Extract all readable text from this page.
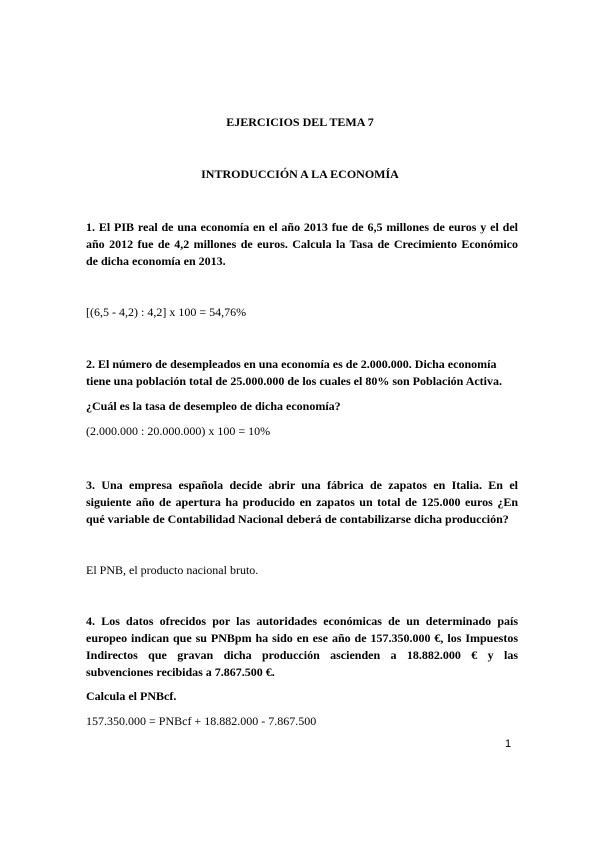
EJERCICIOS DEL TEMA 7
INTRODUCCIÓN A LA ECONOMÍA
1. El PIB real de una economía en el año 2013 fue de 6,5 millones de euros y el del
año 2012 fue de 4,2 millones de euros. Calcula la Tasa de Crecimiento Económico
de dicha economía en 2013.
[(6,5 - 4,2) : 4,2] x 100 = 54,76%
2. El número de desempleados en una economía es de 2.000.000. Dicha economía
tiene una población total de 25.000.000 de los cuales el 80% son Población Activa.
¿Cuál es la tasa de desempleo de dicha economía?
(2.000.000 : 20.000.000) x 100 = 10%
3. Una empresa española decide abrir una fábrica de zapatos en Italia. En el
siguiente año de apertura ha producido en zapatos un total de 125.000 euros ¿En
qué variable de Contabilidad Nacional deberá de contabilizarse dicha producción?
El PNB, el producto nacional bruto.
4. Los datos ofrecidos por las autoridades económicas de un determinado país
europeo indican que su PNBpm ha sido en ese año de 157.350.000 €, los Impuestos
Indirectos que gravan dicha producción ascienden a 18.882.000 € y las
subvenciones recibidas a 7.867.500 €.
Calcula el PNBcf.
157.350.000 = PNBcf + 18.882.000 - 7.867.500
1
